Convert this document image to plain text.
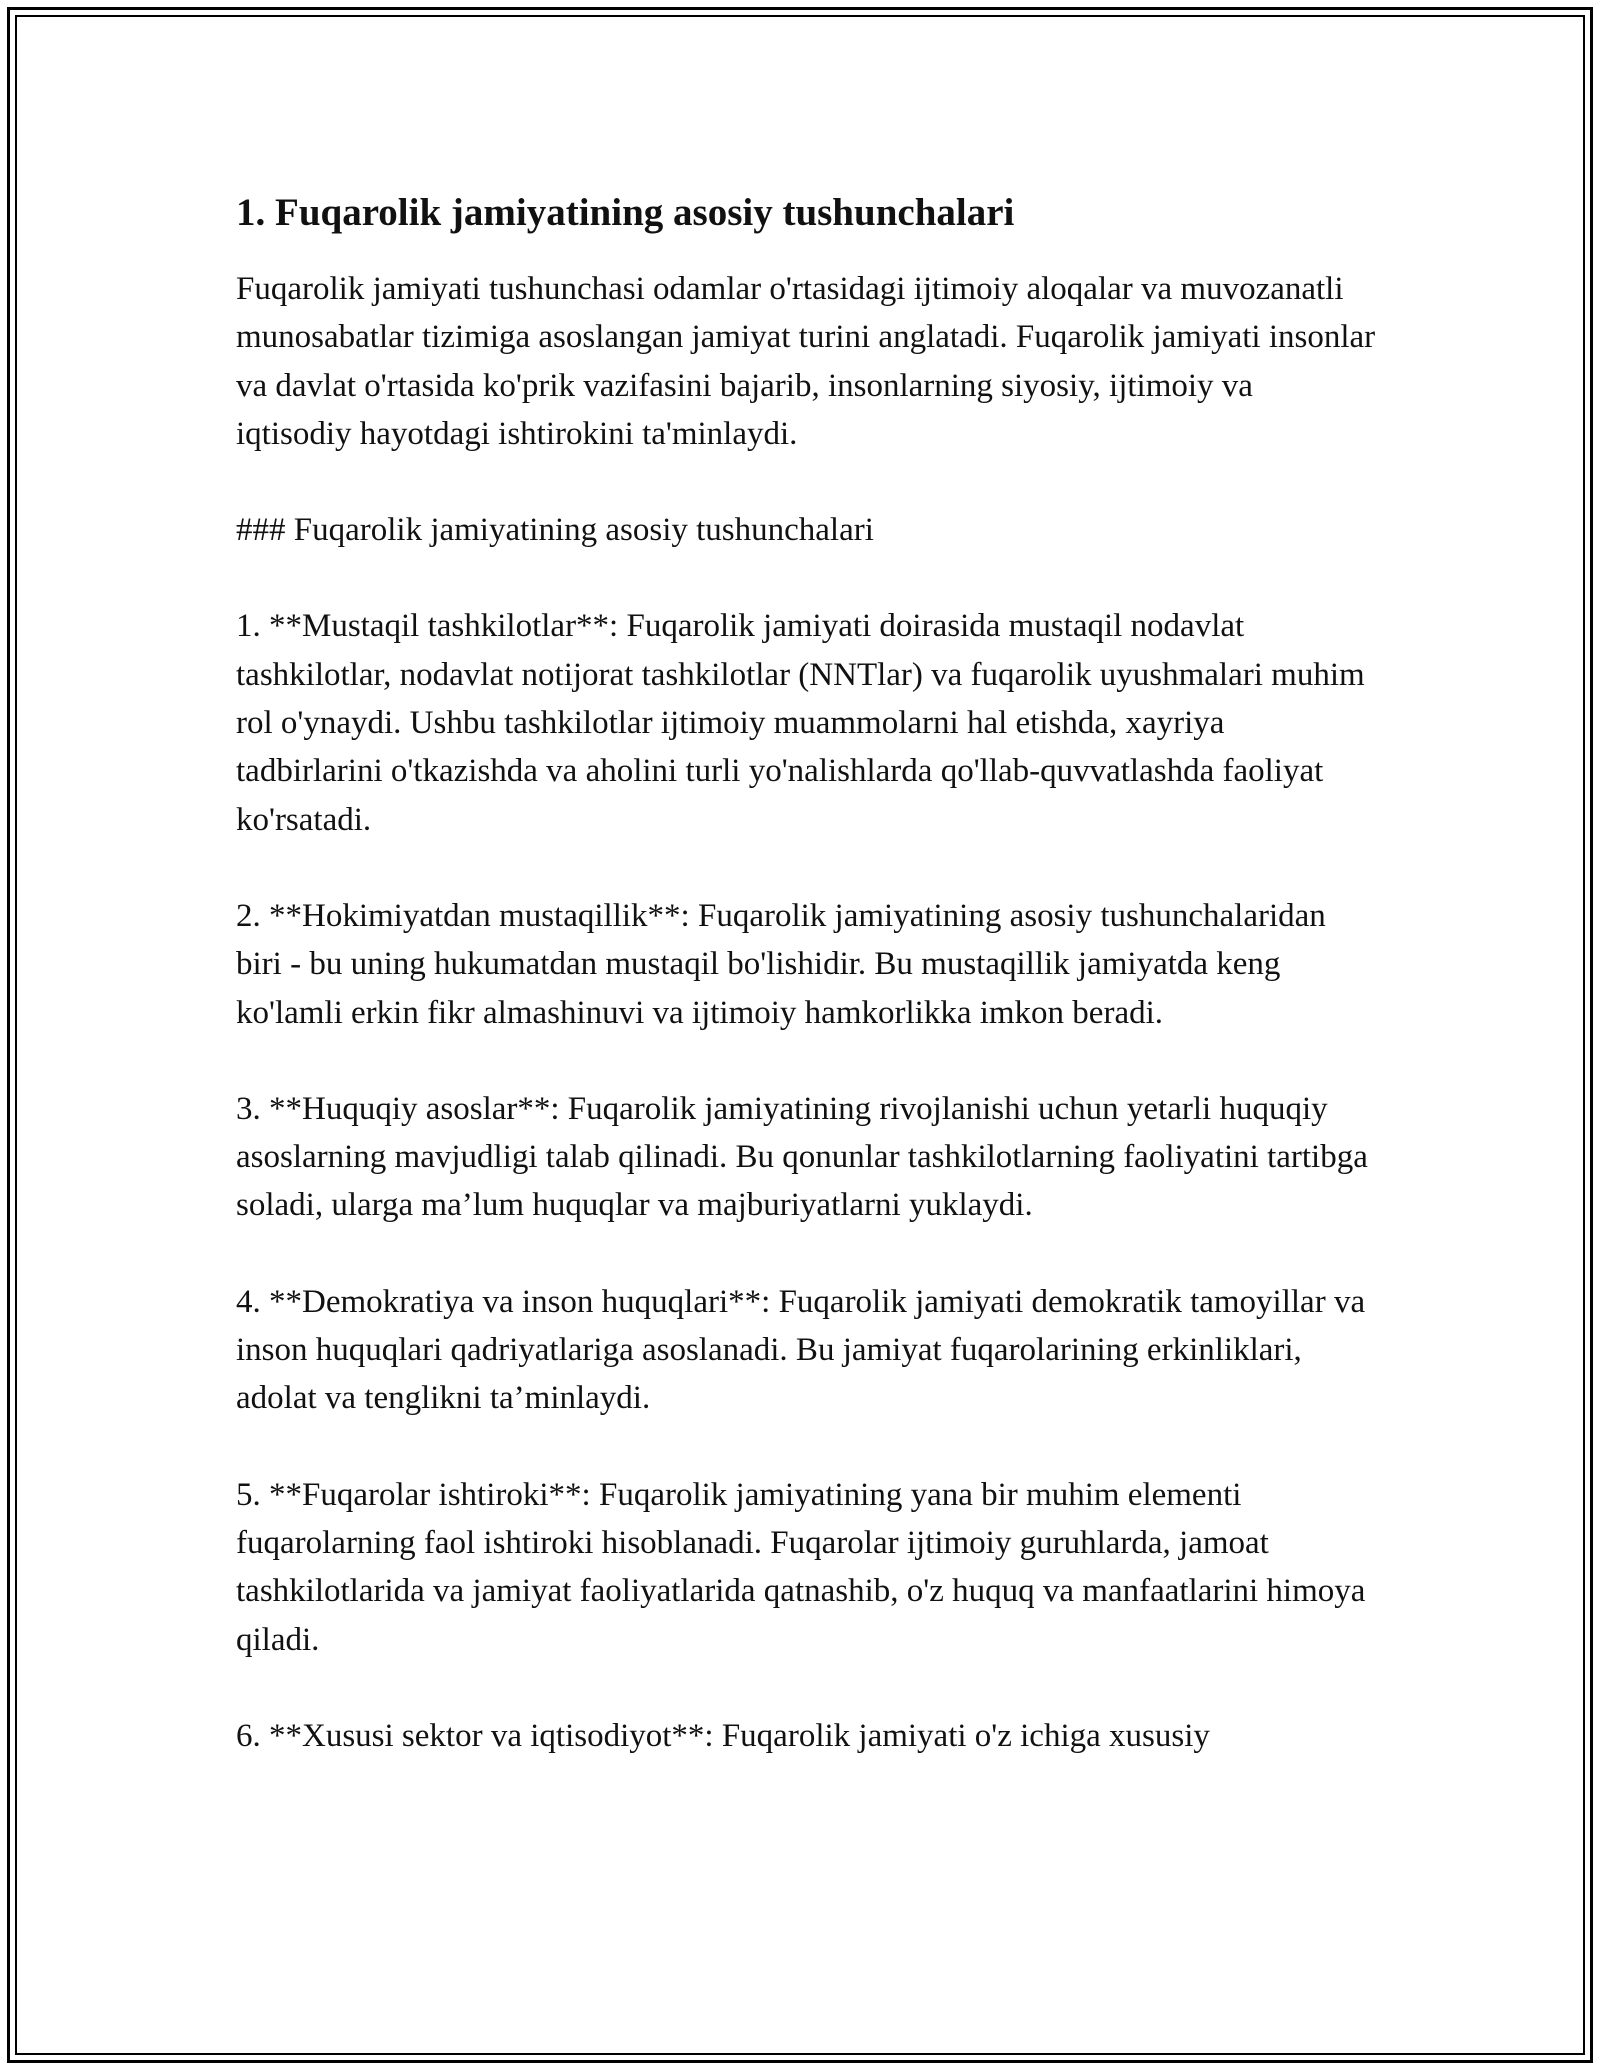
1. Fuqarolik jamiyatining asosiy tushunchalari

Fuqarolik jamiyati tushunchasi odamlar o'rtasidagi ijtimoiy aloqalar va muvozanatli munosabatlar tizimiga asoslangan jamiyat turini anglatadi. Fuqarolik jamiyati insonlar va davlat o'rtasida ko'prik vazifasini bajarib, insonlarning siyosiy, ijtimoiy va iqtisodiy hayotdagi ishtirokini ta'minlaydi.

### Fuqarolik jamiyatining asosiy tushunchalari

1. **Mustaqil tashkilotlar**: Fuqarolik jamiyati doirasida mustaqil nodavlat tashkilotlar, nodavlat notijorat tashkilotlar (NNTlar) va fuqarolik uyushmalari muhim rol o'ynaydi. Ushbu tashkilotlar ijtimoiy muammolarni hal etishda, xayriya tadbirlarini o'tkazishda va aholini turli yo'nalishlarda qo'llab-quvvatlashda faoliyat ko'rsatadi.

2. **Hokimiyatdan mustaqillik**: Fuqarolik jamiyatining asosiy tushunchalaridan biri - bu uning hukumatdan mustaqil bo'lishidir. Bu mustaqillik jamiyatda keng ko'lamli erkin fikr almashinuvi va ijtimoiy hamkorlikka imkon beradi.

3. **Huquqiy asoslar**: Fuqarolik jamiyatining rivojlanishi uchun yetarli huquqiy asoslarning mavjudligi talab qilinadi. Bu qonunlar tashkilotlarning faoliyatini tartibga soladi, ularga ma’lum huquqlar va majburiyatlarni yuklaydi.

4. **Demokratiya va inson huquqlari**: Fuqarolik jamiyati demokratik tamoyillar va inson huquqlari qadriyatlariga asoslanadi. Bu jamiyat fuqarolarining erkinliklari, adolat va tenglikni ta’minlaydi.

5. **Fuqarolar ishtiroki**: Fuqarolik jamiyatining yana bir muhim elementi fuqarolarning faol ishtiroki hisoblanadi. Fuqarolar ijtimoiy guruhlarda, jamoat tashkilotlarida va jamiyat faoliyatlarida qatnashib, o'z huquq va manfaatlarini himoya qiladi.

6. **Xususi sektor va iqtisodiyot**: Fuqarolik jamiyati o'z ichiga xususiy
